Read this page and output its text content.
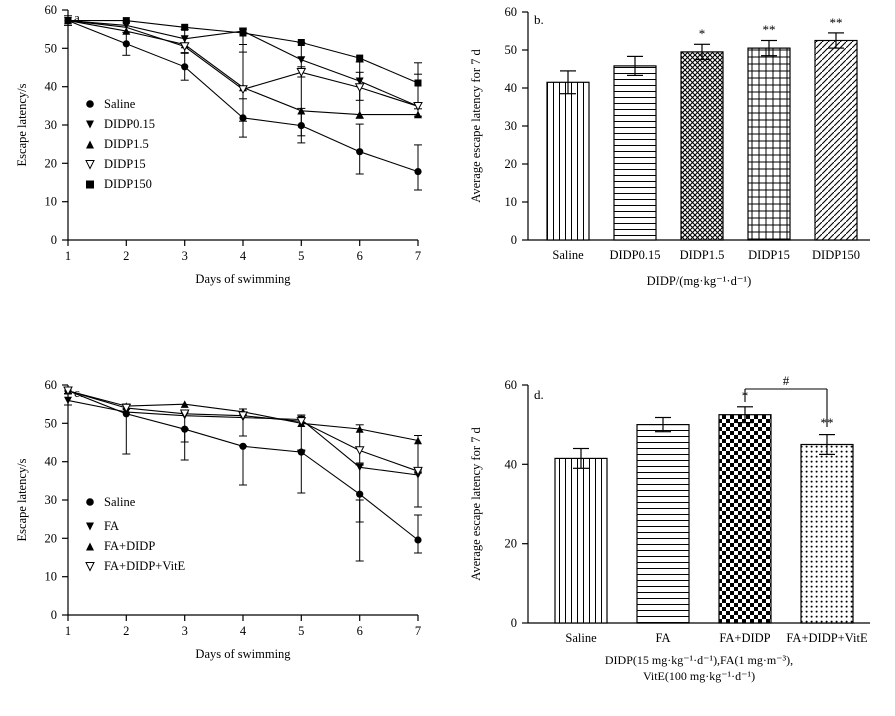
0
10
20
30
40
50
60
1	2	3	4	5	6	7
Escape latency/s
Days of swimming
a.
Saline
DIDP0.15
DIDP1.5
DIDP15
DIDP150
0
10
20
30
40
50
60
*	**	**
Saline DIDP0.15 DIDP1.5 DIDP15 DIDP150
Average escape latency for 7 d
DIDP/(mg·kg⁻¹·d⁻¹)
b.
0
10
20
30
40
50
60
1	2	3	4	5	6	7
Escape latency/s
Days of swimming
c.
Saline
FA
FA+DIDP
FA+DIDP+VitE
0
20
40
60
*
**
#
Saline	FA	FA+DIDP FA+DIDP+VitE
Average escape latency for 7 d
DIDP(15 mg·kg⁻¹·d⁻¹),FA(1 mg·m⁻³),
VitE(100 mg·kg⁻¹·d⁻¹)
d.
